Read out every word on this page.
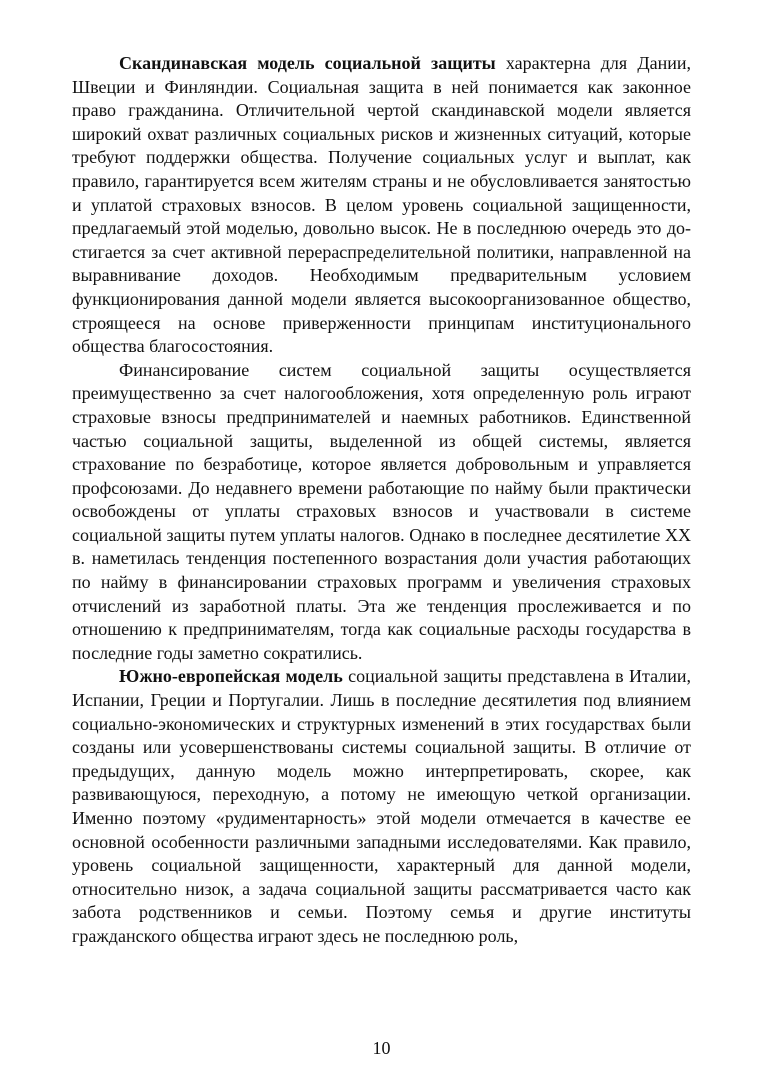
Скандинавская модель социальной защиты характерна для Дании, Швеции и Финляндии. Социальная защита в ней понимается как законное право гражданина. Отличительной чертой скандинавской модели является широкий охват различных социальных рисков и жизненных ситуаций, которые требуют поддержки общества. Получение социальных услуг и выплат, как правило, гарантируется всем жителям страны и не обусловливается занятостью и уплатой страховых взносов. В целом уровень социальной защищенности, предлагаемый этой моделью, довольно высок. Не в последнюю очередь это достигается за счет активной перераспределительной политики, направленной на выравнивание доходов. Необходимым предварительным условием функционирования данной модели является высокоорганизованное общество, строящееся на основе приверженности принципам институционального общества благосостояния.

Финансирование систем социальной защиты осуществляется преимущественно за счет налогообложения, хотя определенную роль играют страховые взносы предпринимателей и наемных работников. Единственной частью социальной защиты, выделенной из общей системы, является страхование по безработице, которое является добровольным и управляется профсоюзами. До недавнего времени работающие по найму были практически освобождены от уплаты страховых взносов и участвовали в системе социальной защиты путем уплаты налогов. Однако в последнее десятилетие XX в. наметилась тенденция постепенного возрастания доли участия работающих по найму в финансировании страховых программ и увеличения страховых отчислений из заработной платы. Эта же тенденция прослеживается и по отношению к предпринимателям, тогда как социальные расходы государства в последние годы заметно сократились.

Южно-европейская модель социальной защиты представлена в Италии, Испании, Греции и Португалии. Лишь в последние десятилетия под влиянием социально-экономических и структурных изменений в этих государствах были созданы или усовершенствованы системы социальной защиты. В отличие от предыдущих, данную модель можно интерпретировать, скорее, как развивающуюся, переходную, а потому не имеющую четкой организации. Именно поэтому «рудиментарность» этой модели отмечается в качестве ее основной особенности различными западными исследователями. Как правило, уровень социальной защищенности, характерный для данной модели, относительно низок, а задача социальной защиты рассматривается часто как забота родственников и семьи. Поэтому семья и другие институты гражданского общества играют здесь не последнюю роль,

10
